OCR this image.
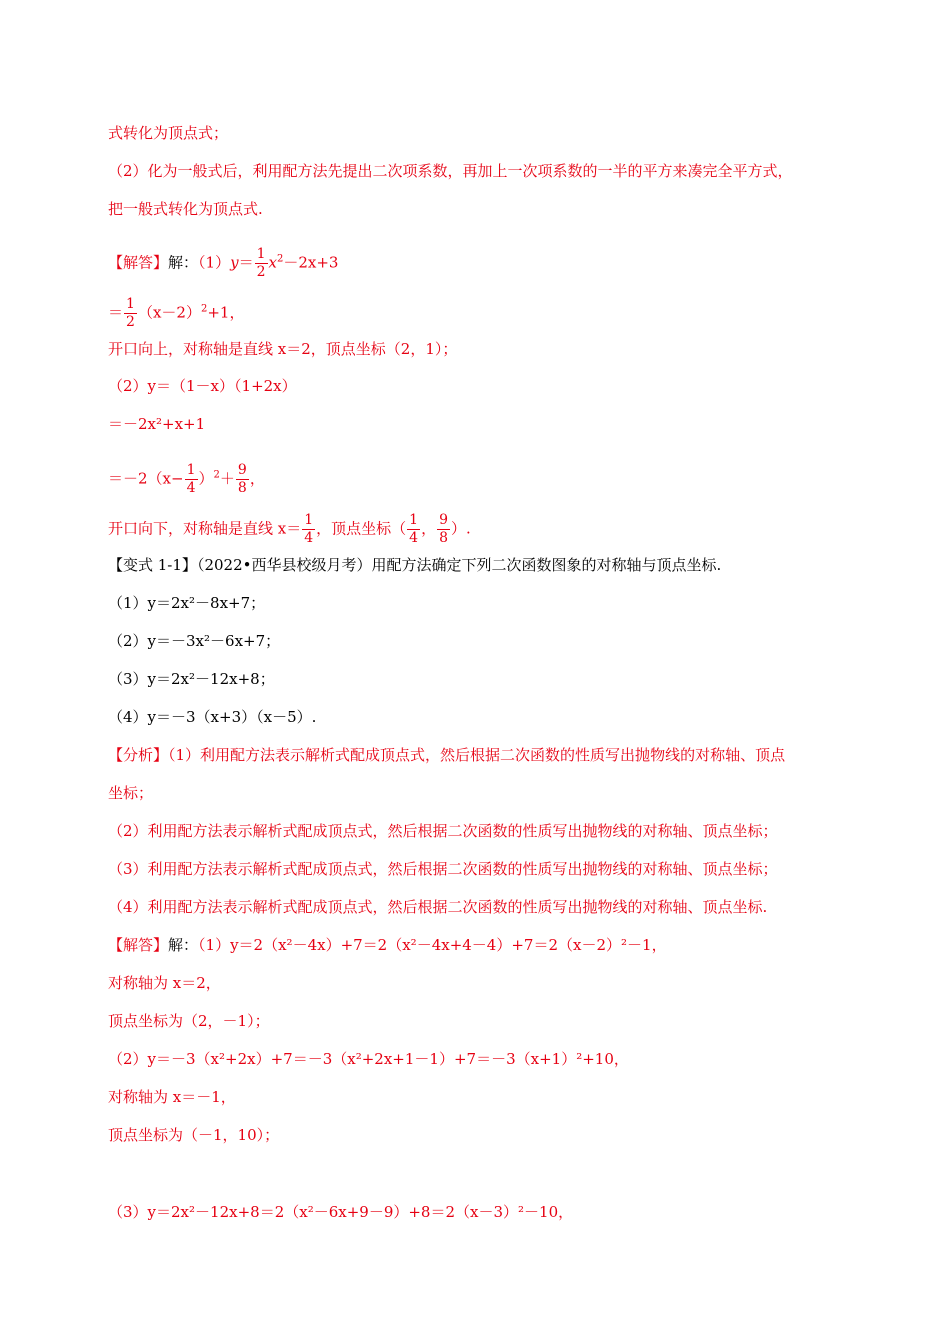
式转化为顶点式；
（2）化为一般式后，利用配方法先提出二次项系数，再加上一次项系数的一半的平方来凑完全平方式，
把一般式转化为顶点式.
【解答】解：$(1)y= \frac{1}{2} x^2-2x+3$
＝ $\frac{1}{2} (x-2)^2+1$，
开口向上，对称轴是直线 x＝2，顶点坐标（2，1）；
（2）y＝（1－x）（1+2x）
＝－2x²+x+1
$=-2(x- \frac{1}{4} )^2+ \frac{9}{8}$ ，
开口向下，对称轴是直线 $x= \frac{1}{4}$ ，顶点坐标（ $\frac{1}{4}$ ， $\frac{9}{8}$ ）.
【变式 1-1】（2022•西华县校级月考）用配方法确定下列二次函数图象的对称轴与顶点坐标.
（1）y＝2x²－8x+7；
（2）y＝－3x²－6x+7；
（3）y＝2x²－12x+8；
（4）y＝－3（x+3）（x－5）.
【分析】（1）利用配方法表示解析式配成顶点式，然后根据二次函数的性质写出抛物线的对称轴、顶点
坐标；
（2）利用配方法表示解析式配成顶点式，然后根据二次函数的性质写出抛物线的对称轴、顶点坐标；
（3）利用配方法表示解析式配成顶点式，然后根据二次函数的性质写出抛物线的对称轴、顶点坐标；
（4）利用配方法表示解析式配成顶点式，然后根据二次函数的性质写出抛物线的对称轴、顶点坐标.
【解答】解：（1）y＝2（x²－4x）+7＝2（x²－4x+4－4）+7＝2（x－2）²－1，
对称轴为 x＝2，
顶点坐标为（2，－1）；
（2）y＝－3（x²+2x）+7＝－3（x²+2x+1－1）+7＝－3（x+1）²+10，
对称轴为 x＝－1，
顶点坐标为（－1，10）；
（3）y＝2x²－12x+8＝2（x²－6x+9－9）+8＝2（x－3）²－10，
